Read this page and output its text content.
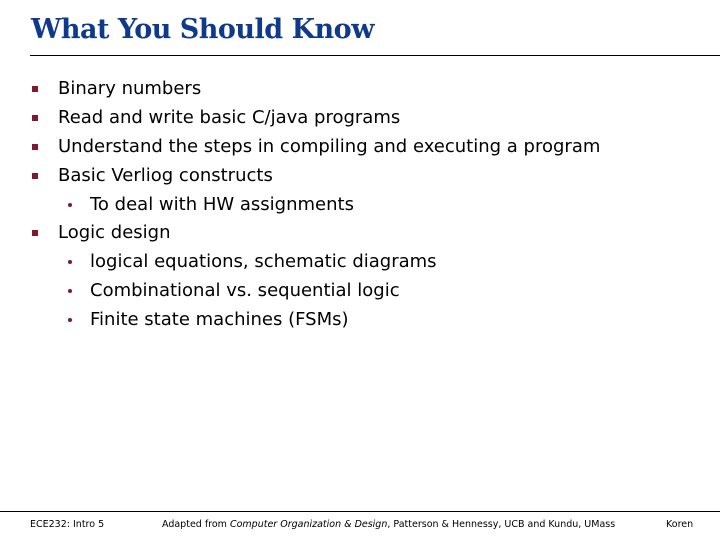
What You Should Know
Binary numbers
Read and write basic C/java programs
Understand the steps in compiling and executing a program
Basic Verliog constructs
To deal with HW assignments
Logic design
logical equations, schematic diagrams
Combinational vs. sequential logic
Finite state machines (FSMs)
ECE232: Intro 5	Adapted from Computer Organization & Design, Patterson & Hennessy, UCB and Kundu, UMass	Koren
